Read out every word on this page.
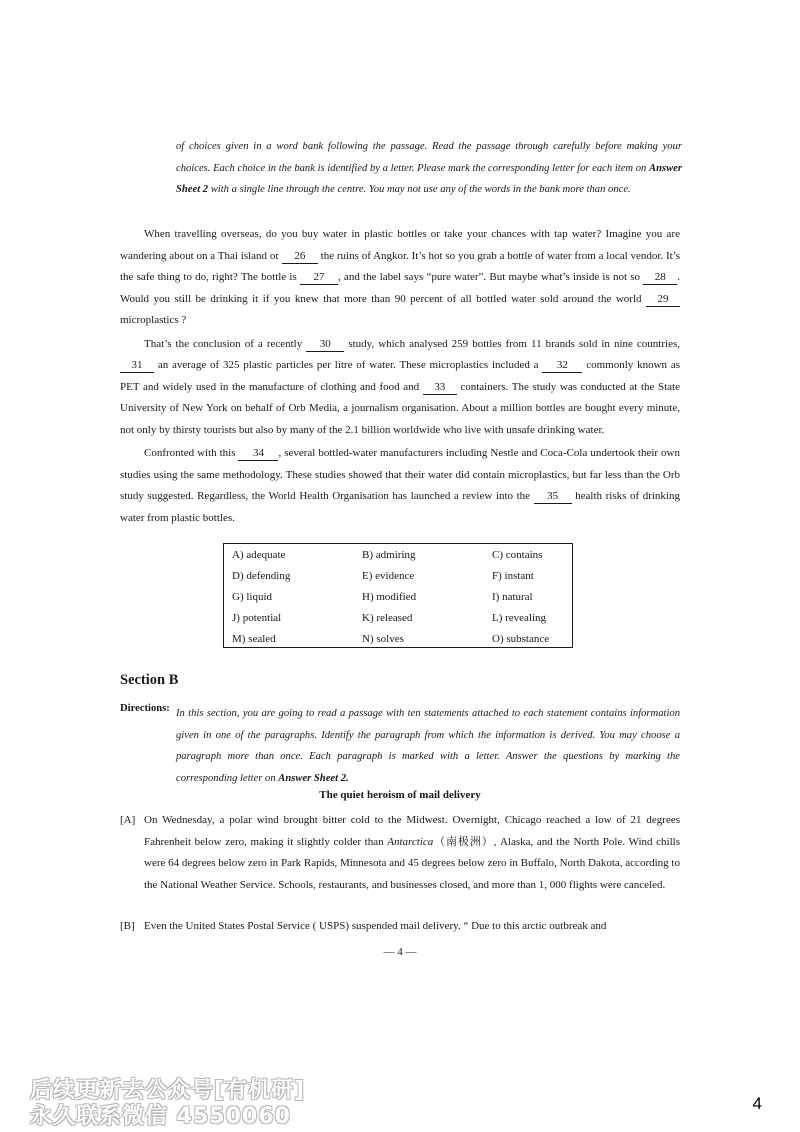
of choices given in a word bank following the passage. Read the passage through carefully before making your choices. Each choice in the bank is identified by a letter. Please mark the corresponding letter for each item on Answer Sheet 2 with a single line through the centre. You may not use any of the words in the bank more than once.

When travelling overseas, do you buy water in plastic bottles or take your chances with tap water? Imagine you are wandering about on a Thai island or 26 the ruins of Angkor. It’s hot so you grab a bottle of water from a local vendor. It’s the safe thing to do, right? The bottle is 27 , and the label says “pure water”. But maybe what’s inside is not so 28 . Would you still be drinking it if you knew that more than 90 percent of all bottled water sold around the world 29 microplastics ?

That’s the conclusion of a recently 30 study, which analysed 259 bottles from 11 brands sold in nine countries, 31 an average of 325 plastic particles per litre of water. These microplastics included a 32 commonly known as PET and widely used in the manufacture of clothing and food and 33 containers. The study was conducted at the State University of New York on behalf of Orb Media, a journalism organisation. About a million bottles are bought every minute, not only by thirsty tourists but also by many of the 2.1 billion worldwide who live with unsafe drinking water.

Confronted with this 34 , several bottled-water manufacturers including Nestle and Coca-Cola undertook their own studies using the same methodology. These studies showed that their water did contain microplastics, but far less than the Orb study suggested. Regardless, the World Health Organisation has launched a review into the 35 health risks of drinking water from plastic bottles.

A) adequate	B) admiring	C) contains
D) defending	E) evidence	F) instant
G) liquid	H) modified	I) natural
J) potential	K) released	L) revealing
M) sealed	N) solves	O) substance
Section B
Directions: In this section, you are going to read a passage with ten statements attached to each statement contains information given in one of the paragraphs. Identify the paragraph from which the information is derived. You may choose a paragraph more than once. Each paragraph is marked with a letter. Answer the questions by marking the corresponding letter on Answer Sheet 2.
The quiet heroism of mail delivery
[A] On Wednesday, a polar wind brought bitter cold to the Midwest. Overnight, Chicago reached a low of 21 degrees Fahrenheit below zero, making it slightly colder than Antarctica（南极洲）, Alaska, and the North Pole. Wind chills were 64 degrees below zero in Park Rapids, Minnesota and 45 degrees below zero in Buffalo, North Dakota, according to the National Weather Service. Schools, restaurants, and businesses closed, and more than 1, 000 flights were canceled.
[B] Even the United States Postal Service ( USPS) suspended mail delivery. “ Due to this arctic outbreak and
— 4 —
后续更新去公众号[有机研]
永久联系微信 4550060
4
